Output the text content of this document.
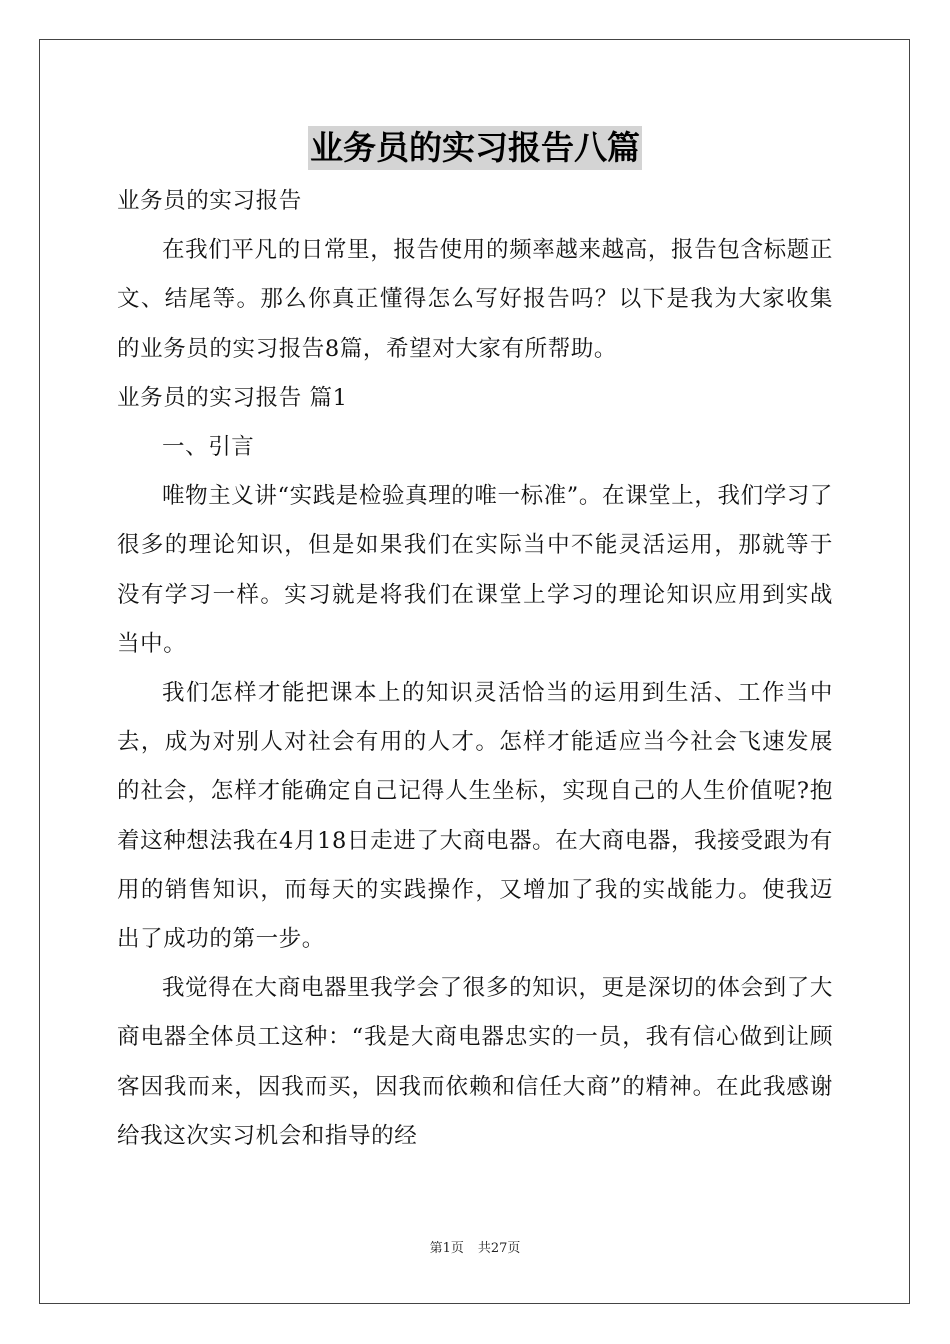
业务员的实习报告八篇

业务员的实习报告

在我们平凡的日常里，报告使用的频率越来越高，报告包含标题正文、结尾等。那么你真正懂得怎么写好报告吗？以下是我为大家收集的业务员的实习报告8篇，希望对大家有所帮助。

业务员的实习报告 篇1

一、引言

唯物主义讲“实践是检验真理的唯一标准”。在课堂上，我们学习了很多的理论知识，但是如果我们在实际当中不能灵活运用，那就等于没有学习一样。实习就是将我们在课堂上学习的理论知识应用到实战当中。

我们怎样才能把课本上的知识灵活恰当的运用到生活、工作当中去，成为对别人对社会有用的人才。怎样才能适应当今社会飞速发展的社会，怎样才能确定自己记得人生坐标，实现自己的人生价值呢?抱着这种想法我在4月18日走进了大商电器。在大商电器，我接受跟为有用的销售知识，而每天的实践操作，又增加了我的实战能力。使我迈出了成功的第一步。

我觉得在大商电器里我学会了很多的知识，更是深切的体会到了大商电器全体员工这种：“我是大商电器忠实的一员，我有信心做到让顾客因我而来，因我而买，因我而依赖和信任大商”的精神。在此我感谢给我这次实习机会和指导的经

第1页 共27页
